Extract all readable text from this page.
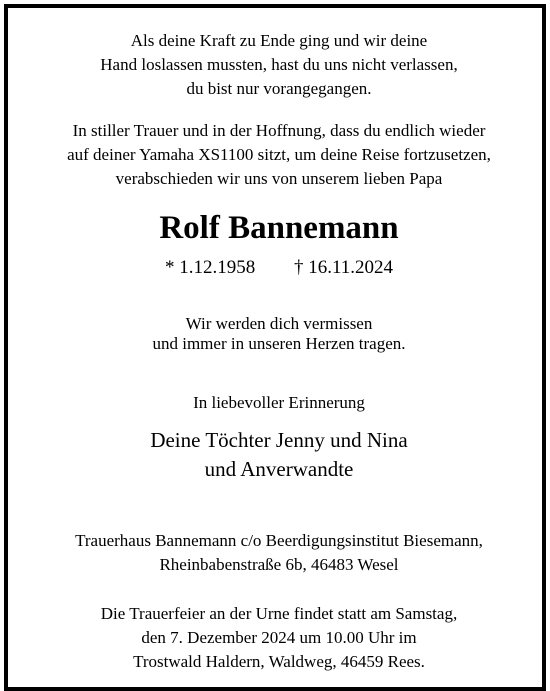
Als deine Kraft zu Ende ging und wir deine
Hand loslassen mussten, hast du uns nicht verlassen,
du bist nur vorangegangen.
In stiller Trauer und in der Hoffnung, dass du endlich wieder
auf deiner Yamaha XS1100 sitzt, um deine Reise fortzusetzen,
verabschieden wir uns von unserem lieben Papa
Rolf Bannemann
* 1.12.1958 † 16.11.2024
Wir werden dich vermissen
und immer in unseren Herzen tragen.
In liebevoller Erinnerung
Deine Töchter Jenny und Nina
und Anverwandte
Trauerhaus Bannemann c/o Beerdigungsinstitut Biesemann,
Rheinbabenstraße 6b, 46483 Wesel
Die Trauerfeier an der Urne findet statt am Samstag,
den 7. Dezember 2024 um 10.00 Uhr im
Trostwald Haldern, Waldweg, 46459 Rees.
